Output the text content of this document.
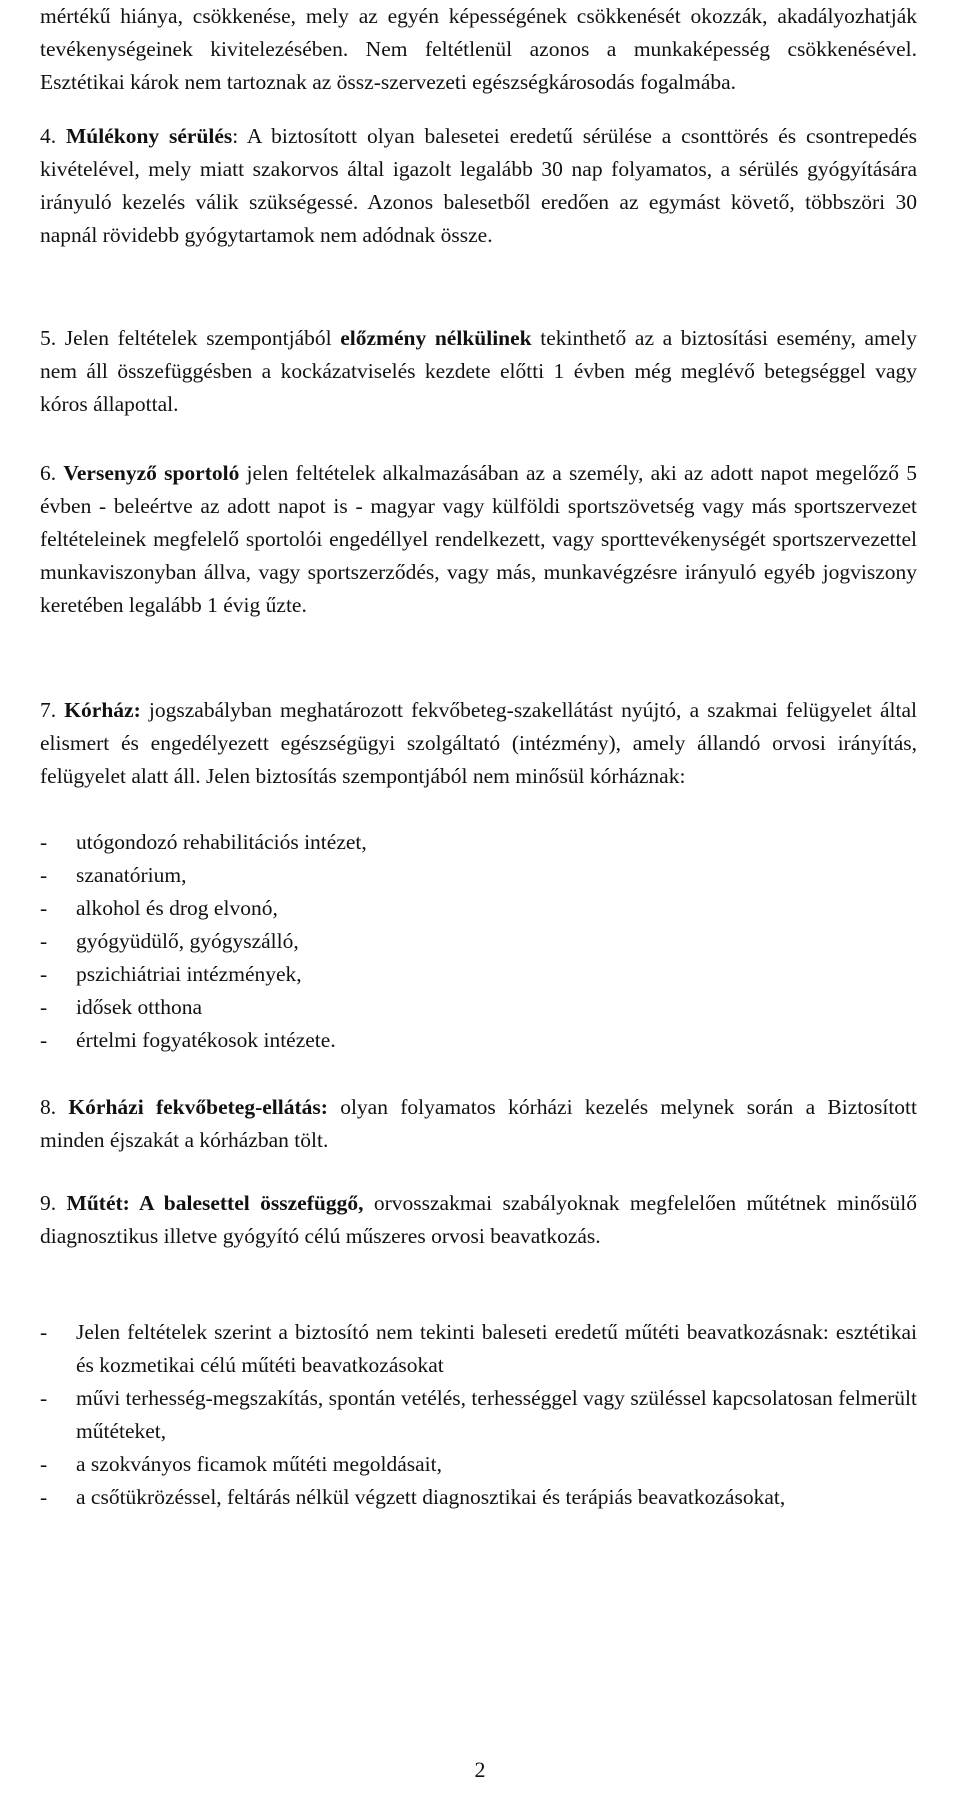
mértékű hiánya, csökkenése, mely az egyén képességének csökkenését okozzák, akadályozhatják tevékenységeinek kivitelezésében. Nem feltétlenül azonos a munkaképesség csökkenésével. Esztétikai károk nem tartoznak az össz-szervezeti egészségkárosodás fogalmába.

4. Múlékony sérülés: A biztosított olyan balesetei eredetű sérülése a csonttörés és csontrepedés kivételével, mely miatt szakorvos által igazolt legalább 30 nap folyamatos, a sérülés gyógyítására irányuló kezelés válik szükségessé. Azonos balesetből eredően az egymást követő, többszöri 30 napnál rövidebb gyógytartamok nem adódnak össze.

5. Jelen feltételek szempontjából előzmény nélkülinek tekinthető az a biztosítási esemény, amely nem áll összefüggésben a kockázatviselés kezdete előtti 1 évben még meglévő betegséggel vagy kóros állapottal.

6. Versenyző sportoló jelen feltételek alkalmazásában az a személy, aki az adott napot megelőző 5 évben - beleértve az adott napot is - magyar vagy külföldi sportszövetség vagy más sportszervezet feltételeinek megfelelő sportolói engedéllyel rendelkezett, vagy sporttevékenységét sportszervezettel munkaviszonyban állva, vagy sportszerződés, vagy más, munkavégzésre irányuló egyéb jogviszony keretében legalább 1 évig űzte.

7. Kórház: jogszabályban meghatározott fekvőbeteg-szakellátást nyújtó, a szakmai felügyelet által elismert és engedélyezett egészségügyi szolgáltató (intézmény), amely állandó orvosi irányítás, felügyelet alatt áll. Jelen biztosítás szempontjából nem minősül kórháznak:

- utógondozó rehabilitációs intézet,
- szanatórium,
- alkohol és drog elvonó,
- gyógyüdülő, gyógyszálló,
- pszichiátriai intézmények,
- idősek otthona
- értelmi fogyatékosok intézete.

8. Kórházi fekvőbeteg-ellátás: olyan folyamatos kórházi kezelés melynek során a Biztosított minden éjszakát a kórházban tölt.

9. Műtét: A balesettel összefüggő, orvosszakmai szabályoknak megfelelően műtétnek minősülő diagnosztikus illetve gyógyító célú műszeres orvosi beavatkozás.

- Jelen feltételek szerint a biztosító nem tekinti baleseti eredetű műtéti beavatkozásnak: esztétikai és kozmetikai célú műtéti beavatkozásokat
- művi terhesség-megszakítás, spontán vetélés, terhességgel vagy szüléssel kapcsolatosan felmerült műtéteket,
- a szokványos ficamok műtéti megoldásait,
- a csőtükrözéssel, feltárás nélkül végzett diagnosztikai és terápiás beavatkozásokat,
2
